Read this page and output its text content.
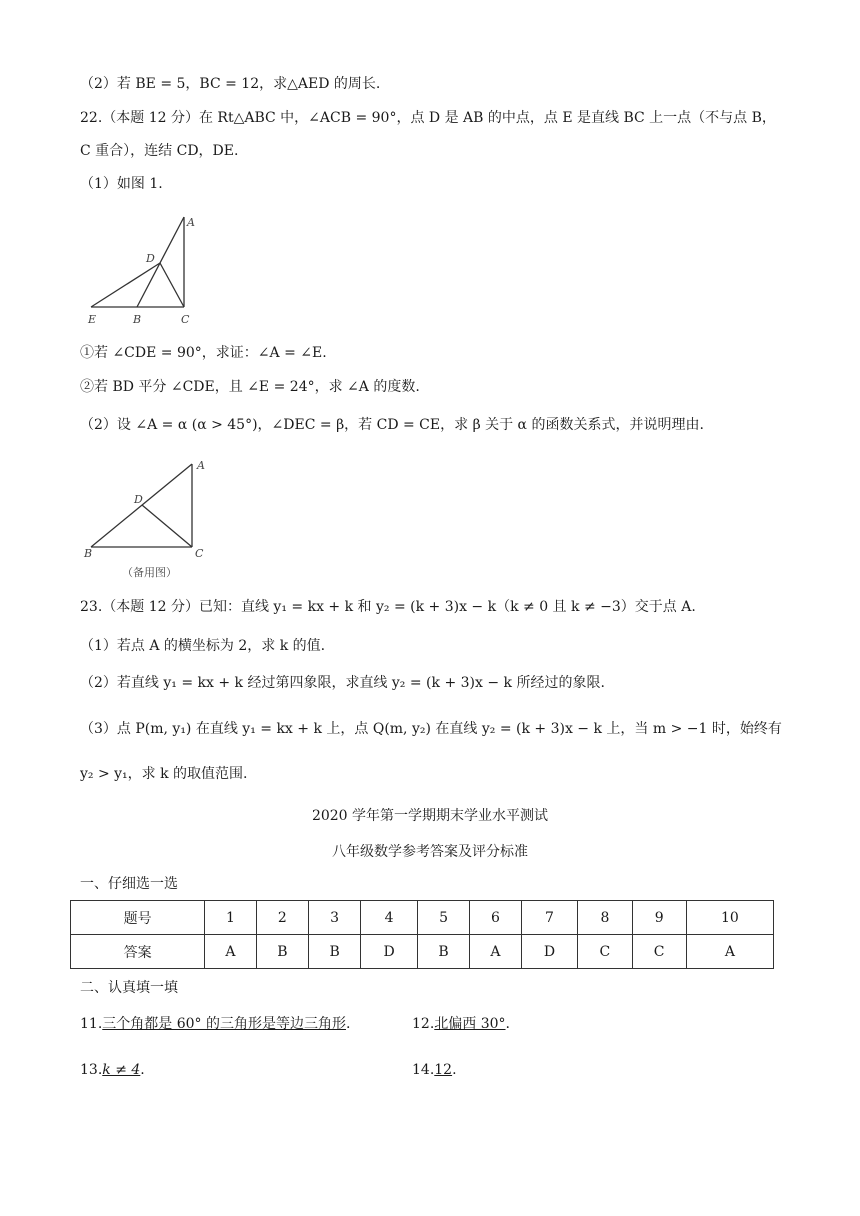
（2）若 BE = 5，BC = 12，求△AED 的周长.
22.（本题 12 分）在 Rt△ABC 中，∠ACB = 90°，点 D 是 AB 的中点，点 E 是直线 BC 上一点（不与点 B，
C 重合），连结 CD，DE.
（1）如图 1.
A
D
E	B	C
①若 ∠CDE = 90°，求证：∠A = ∠E.
②若 BD 平分 ∠CDE，且 ∠E = 24°，求 ∠A 的度数.
（2）设 ∠A = α (α > 45°)，∠DEC = β，若 CD = CE，求 β 关于 α 的函数关系式，并说明理由.
A
D
B	C
（备用图）
23.（本题 12 分）已知：直线 y₁ = kx + k 和 y₂ = (k + 3)x − k（k ≠ 0 且 k ≠ −3）交于点 A.
（1）若点 A 的横坐标为 2，求 k 的值.
（2）若直线 y₁ = kx + k 经过第四象限，求直线 y₂ = (k + 3)x − k 所经过的象限.
（3）点 P(m, y₁) 在直线 y₁ = kx + k 上，点 Q(m, y₂) 在直线 y₂ = (k + 3)x − k 上，当 m > −1 时，始终有
y₂ > y₁，求 k 的取值范围.
2020 学年第一学期期末学业水平测试
八年级数学参考答案及评分标准
一、仔细选一选
题号	1	2	3	4	5	6	7	8	9	10
答案	A	B	B	D	B	A	D	C	C	A
二、认真填一填
11.三个角都是 60° 的三角形是等边三角形.	12.北偏西 30°.
13.k ≠ 4.	14.12.
